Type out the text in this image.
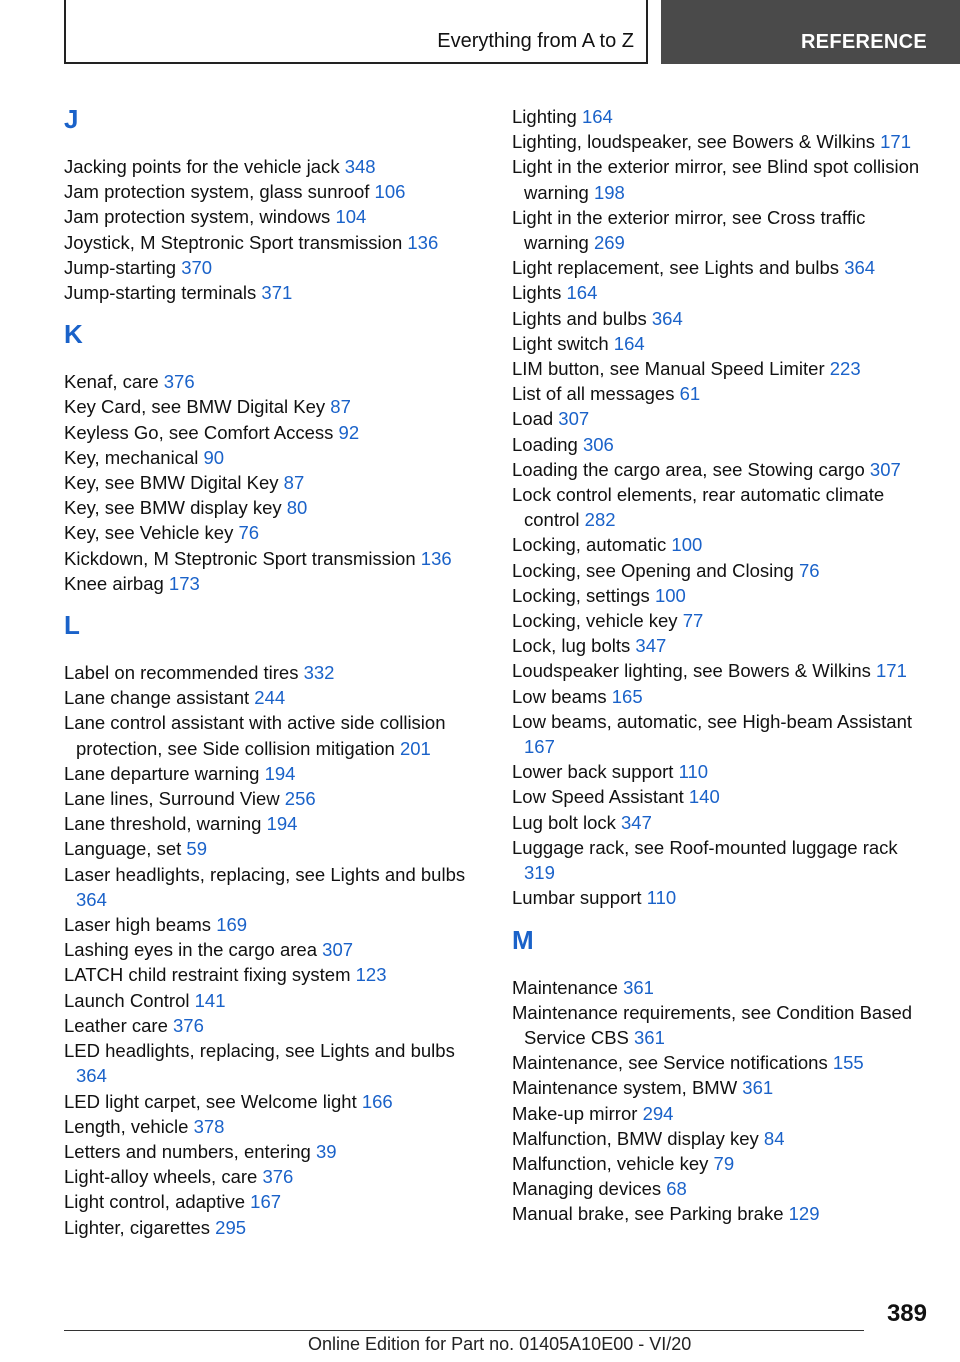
Everything from A to Z	REFERENCE
J
Jacking points for the vehicle jack 348
Jam protection system, glass sunroof 106
Jam protection system, windows 104
Joystick, M Steptronic Sport transmission 136
Jump-starting 370
Jump-starting terminals 371
K
Kenaf, care 376
Key Card, see BMW Digital Key 87
Keyless Go, see Comfort Access 92
Key, mechanical 90
Key, see BMW Digital Key 87
Key, see BMW display key 80
Key, see Vehicle key 76
Kickdown, M Steptronic Sport transmission 136
Knee airbag 173
L
Label on recommended tires 332
Lane change assistant 244
Lane control assistant with active side collision protection, see Side collision mitigation 201
Lane departure warning 194
Lane lines, Surround View 256
Lane threshold, warning 194
Language, set 59
Laser headlights, replacing, see Lights and bulbs 364
Laser high beams 169
Lashing eyes in the cargo area 307
LATCH child restraint fixing system 123
Launch Control 141
Leather care 376
LED headlights, replacing, see Lights and bulbs 364
LED light carpet, see Welcome light 166
Length, vehicle 378
Letters and numbers, entering 39
Light-alloy wheels, care 376
Light control, adaptive 167
Lighter, cigarettes 295
Lighting 164
Lighting, loudspeaker, see Bowers & Wilkins 171
Light in the exterior mirror, see Blind spot collision warning 198
Light in the exterior mirror, see Cross traffic warning 269
Light replacement, see Lights and bulbs 364
Lights 164
Lights and bulbs 364
Light switch 164
LIM button, see Manual Speed Limiter 223
List of all messages 61
Load 307
Loading 306
Loading the cargo area, see Stowing cargo 307
Lock control elements, rear automatic climate control 282
Locking, automatic 100
Locking, see Opening and Closing 76
Locking, settings 100
Locking, vehicle key 77
Lock, lug bolts 347
Loudspeaker lighting, see Bowers & Wilkins 171
Low beams 165
Low beams, automatic, see High-beam Assistant 167
Lower back support 110
Low Speed Assistant 140
Lug bolt lock 347
Luggage rack, see Roof-mounted luggage rack 319
Lumbar support 110
M
Maintenance 361
Maintenance requirements, see Condition Based Service CBS 361
Maintenance, see Service notifications 155
Maintenance system, BMW 361
Make-up mirror 294
Malfunction, BMW display key 84
Malfunction, vehicle key 79
Managing devices 68
Manual brake, see Parking brake 129
389
Online Edition for Part no. 01405A10E00 - VI/20
